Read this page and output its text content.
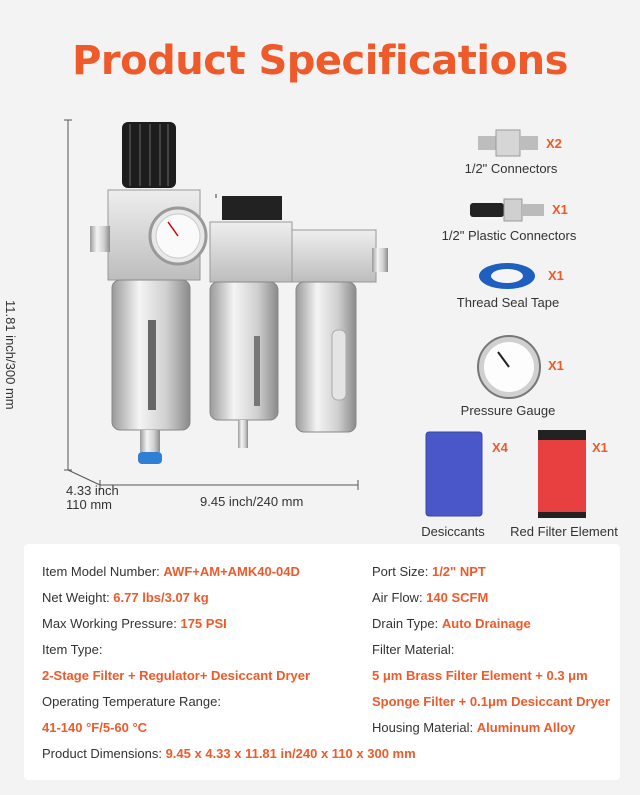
Product Specifications
11.81 inch/300 mm
9.45 inch/240 mm
4.33 inch
110 mm
X2
1/2" Connectors
X1
1/2" Plastic Connectors
X1
Thread Seal Tape
X1
Pressure Gauge
X4
Desiccants
X1
Red Filter Element
Item Model Number: AWF+AM+AMK40-04D
Net Weight: 6.77 lbs/3.07 kg
Max Working Pressure: 175 PSI
Item Type:
2-Stage Filter + Regulator+ Desiccant Dryer
Operating Temperature Range:
41-140 °F/5-60 °C
Product Dimensions: 9.45 x 4.33 x 11.81 in/240 x 110 x 300 mm
Port Size: 1/2" NPT
Air Flow: 140 SCFM
Drain Type: Auto Drainage
Filter Material:
5 μm Brass Filter Element + 0.3 μm
Sponge Filter + 0.1μm Desiccant Dryer
Housing Material: Aluminum Alloy
